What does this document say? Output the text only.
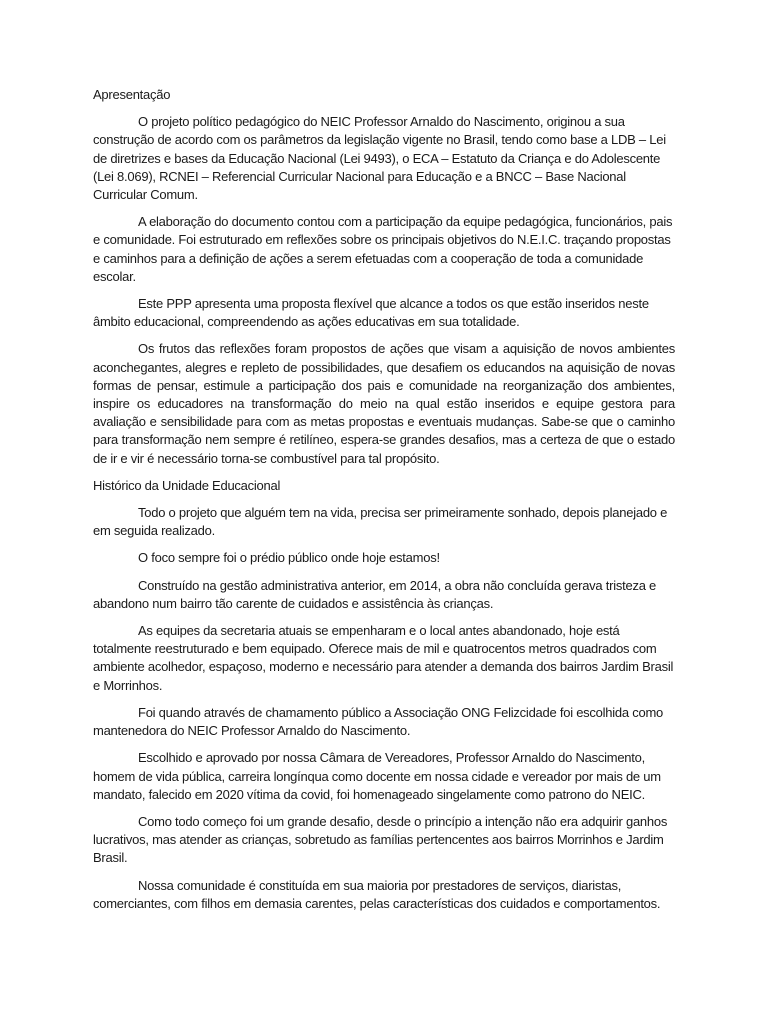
Apresentação

O projeto político pedagógico do NEIC Professor Arnaldo do Nascimento, originou a sua construção de acordo com os parâmetros da legislação vigente no Brasil, tendo como base a LDB – Lei de diretrizes e bases da Educação Nacional (Lei 9493), o ECA – Estatuto da Criança e do Adolescente (Lei 8.069), RCNEI – Referencial Curricular Nacional para Educação e a BNCC – Base Nacional Curricular Comum.

A elaboração do documento contou com a participação da equipe pedagógica, funcionários, pais e comunidade. Foi estruturado em reflexões sobre os principais objetivos do N.E.I.C. traçando propostas e caminhos para a definição de ações a serem efetuadas com a cooperação de toda a comunidade escolar.

Este PPP apresenta uma proposta flexível que alcance a todos os que estão inseridos neste âmbito educacional, compreendendo as ações educativas em sua totalidade.

Os frutos das reflexões foram propostos de ações que visam a aquisição de novos ambientes aconchegantes, alegres e repleto de possibilidades, que desafiem os educandos na aquisição de novas formas de pensar, estimule a participação dos pais e comunidade na reorganização dos ambientes, inspire os educadores na transformação do meio na qual estão inseridos e equipe gestora para avaliação e sensibilidade para com as metas propostas e eventuais mudanças. Sabe-se que o caminho para transformação nem sempre é retilíneo, espera-se grandes desafios, mas a certeza de que o estado de ir e vir é necessário torna-se combustível para tal propósito.

Histórico da Unidade Educacional

Todo o projeto que alguém tem na vida, precisa ser primeiramente sonhado, depois planejado e em seguida realizado.

O foco sempre foi o prédio público onde hoje estamos!

Construído na gestão administrativa anterior, em 2014, a obra não concluída gerava tristeza e abandono num bairro tão carente de cuidados e assistência às crianças.

As equipes da secretaria atuais se empenharam e o local antes abandonado, hoje está totalmente reestruturado e bem equipado. Oferece mais de mil e quatrocentos metros quadrados com ambiente acolhedor, espaçoso, moderno e necessário para atender a demanda dos bairros Jardim Brasil e Morrinhos.

Foi quando através de chamamento público a Associação ONG Felizcidade foi escolhida como mantenedora do NEIC Professor Arnaldo do Nascimento.

Escolhido e aprovado por nossa Câmara de Vereadores, Professor Arnaldo do Nascimento, homem de vida pública, carreira longínqua como docente em nossa cidade e vereador por mais de um mandato, falecido em 2020 vítima da covid, foi homenageado singelamente como patrono do NEIC.

Como todo começo foi um grande desafio, desde o princípio a intenção não era adquirir ganhos lucrativos, mas atender as crianças, sobretudo as famílias pertencentes aos bairros Morrinhos e Jardim Brasil.

Nossa comunidade é constituída em sua maioria por prestadores de serviços, diaristas, comerciantes, com filhos em demasia carentes, pelas características dos cuidados e comportamentos.
